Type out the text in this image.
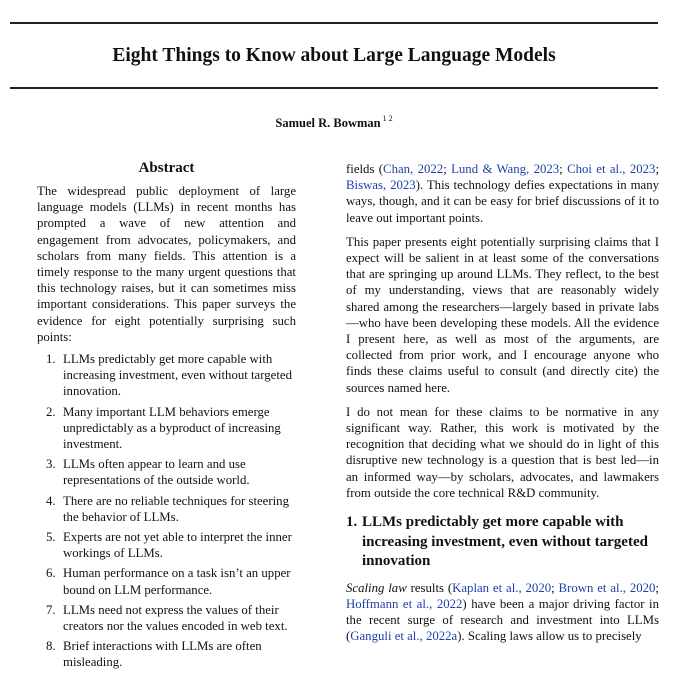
Eight Things to Know about Large Language Models
Samuel R. Bowman $^{1 2}$
Abstract

The widespread public deployment of large language models (LLMs) in recent months has prompted a wave of new attention and engagement from advocates, policymakers, and scholars from many fields. This attention is a timely response to the many urgent questions that this technology raises, but it can sometimes miss important considerations. This paper surveys the evidence for eight potentially surprising such points:

1. LLMs predictably get more capable with increasing investment, even without targeted innovation.
2. Many important LLM behaviors emerge unpredictably as a byproduct of increasing investment.
3. LLMs often appear to learn and use representations of the outside world.
4. There are no reliable techniques for steering the behavior of LLMs.
5. Experts are not yet able to interpret the inner workings of LLMs.
6. Human performance on a task isn’t an upper bound on LLM performance.
7. LLMs need not express the values of their creators nor the values encoded in web text.
8. Brief interactions with LLMs are often misleading.

fields (Chan, 2022; Lund & Wang, 2023; Choi et al., 2023; Biswas, 2023). This technology defies expectations in many ways, though, and it can be easy for brief discussions of it to leave out important points.

This paper presents eight potentially surprising claims that I expect will be salient in at least some of the conversations that are springing up around LLMs. They reflect, to the best of my understanding, views that are reasonably widely shared among the researchers—largely based in private labs—who have been developing these models. All the evidence I present here, as well as most of the arguments, are collected from prior work, and I encourage anyone who finds these claims useful to consult (and directly cite) the sources named here.

I do not mean for these claims to be normative in any significant way. Rather, this work is motivated by the recognition that deciding what we should do in light of this disruptive new technology is a question that is best led—in an informed way—by scholars, advocates, and lawmakers from outside the core technical R&D community.

1. LLMs predictably get more capable with increasing investment, even without targeted innovation

Scaling law results (Kaplan et al., 2020; Brown et al., 2020; Hoffmann et al., 2022) have been a major driving factor in the recent surge of research and investment into LLMs (Ganguli et al., 2022a). Scaling laws allow us to precisely
